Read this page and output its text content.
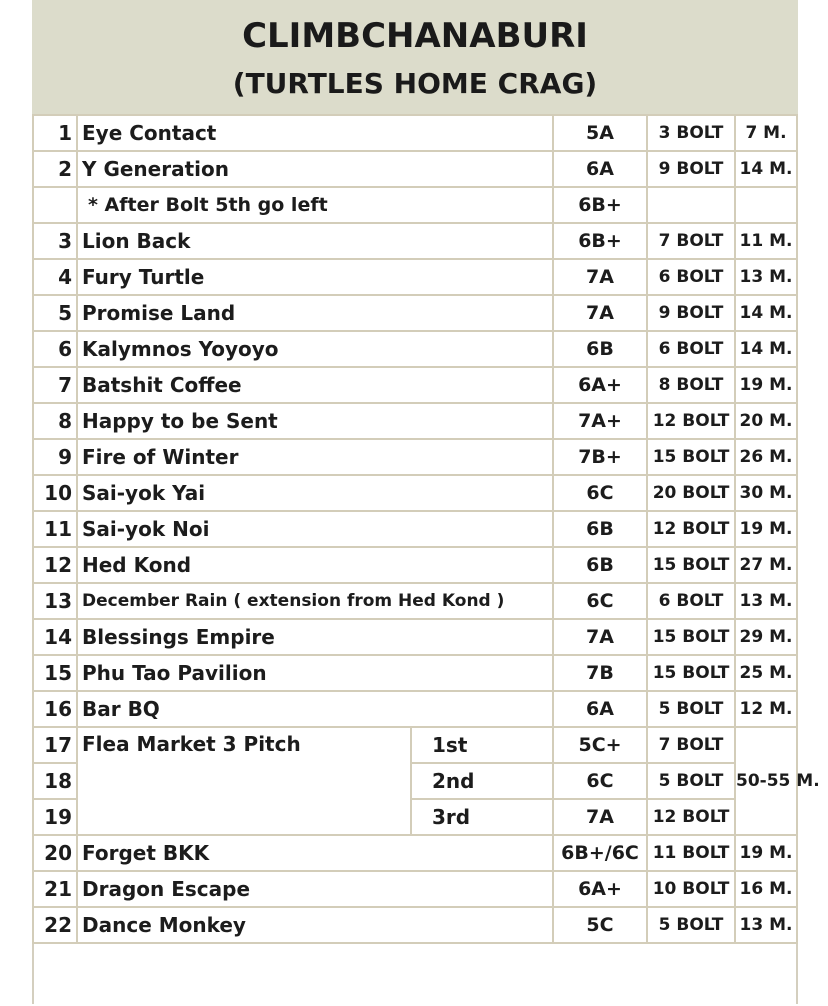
CLIMBCHANABURI
(TURTLES HOME CRAG)
1	Eye Contact		5A	3 BOLT	7 M.
2	Y Generation		6A	9 BOLT	14 M.
	* After Bolt 5th go left		6B+		
3	Lion Back		6B+	7 BOLT	11 M.
4	Fury Turtle		7A	6 BOLT	13 M.
5	Promise Land		7A	9 BOLT	14 M.
6	Kalymnos Yoyoyo		6B	6 BOLT	14 M.
7	Batshit Coffee		6A+	8 BOLT	19 M.
8	Happy to be Sent		7A+	12 BOLT	20 M.
9	Fire of Winter		7B+	15 BOLT	26 M.
10	Sai-yok Yai		6C	20 BOLT	30 M.
11	Sai-yok Noi		6B	12 BOLT	19 M.
12	Hed Kond		6B	15 BOLT	27 M.
13	December Rain ( extension from Hed Kond )		6C	6 BOLT	13 M.
14	Blessings Empire		7A	15 BOLT	29 M.
15	Phu Tao Pavilion		7B	15 BOLT	25 M.
16	Bar BQ		6A	5 BOLT	12 M.
17	Flea Market 3 Pitch	1st	5C+	7 BOLT	50-55 M.
18		2nd	6C	5 BOLT	
19		3rd	7A	12 BOLT	
20	Forget BKK		6B+/6C	11 BOLT	19 M.
21	Dragon Escape		6A+	10 BOLT	16 M.
22	Dance Monkey		5C	5 BOLT	13 M.
